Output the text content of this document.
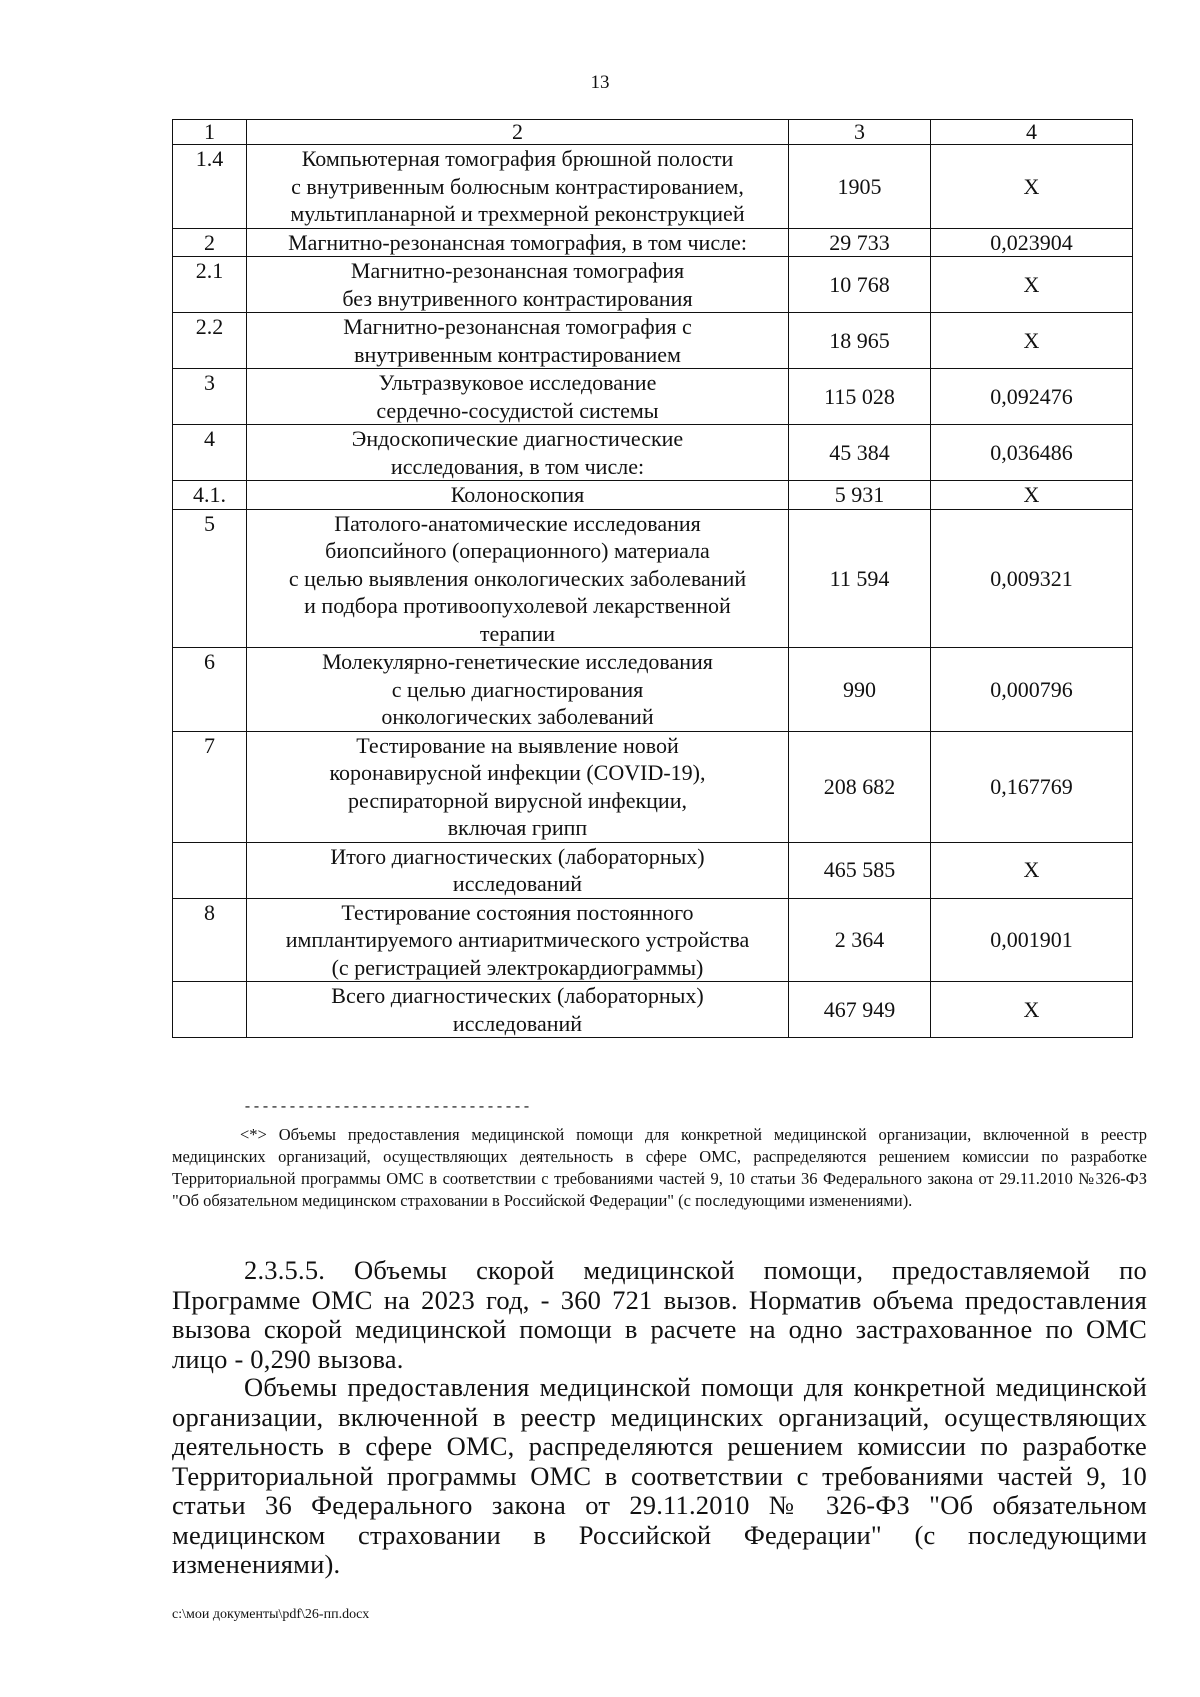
13
1	2	3	4
1.4	Компьютерная томография брюшной полости
с внутривенным болюсным контрастированием,
мультипланарной и трехмерной реконструкцией	1905	Х
2	Магнитно-резонансная томография, в том числе:	29 733	0,023904
2.1	Магнитно-резонансная томография
без внутривенного контрастирования	10 768	Х
2.2	Магнитно-резонансная томография с
внутривенным контрастированием	18 965	Х
3	Ультразвуковое исследование
сердечно-сосудистой системы	115 028	0,092476
4	Эндоскопические диагностические
исследования, в том числе:	45 384	0,036486
4.1.	Колоноскопия	5 931	Х
5	Патолого-анатомические исследования
биопсийного (операционного) материала
с целью выявления онкологических заболеваний
и подбора противоопухолевой лекарственной
терапии	11 594	0,009321
6	Молекулярно-генетические исследования
с целью диагностирования
онкологических заболеваний	990	0,000796
7	Тестирование на выявление новой
коронавирусной инфекции (COVID-19),
респираторной вирусной инфекции,
включая грипп	208 682	0,167769

	Итого диагностических (лабораторных)
исследований	465 585	Х
8	Тестирование состояния постоянного
имплантируемого антиаритмического устройства
(с регистрацией электрокардиограммы)	2 364	0,001901

	Всего диагностических (лабораторных)
исследований	467 949	Х
--------------------------------

<*> Объемы предоставления медицинской помощи для конкретной медицинской организации, включенной в реестр медицинских организаций, осуществляющих деятельность в сфере ОМС, распределяются решением комиссии по разработке Территориальной программы ОМС в соответствии с требованиями частей 9, 10 статьи 36 Федерального закона от 29.11.2010 №326-ФЗ "Об обязательном медицинском страховании в Российской Федерации" (с последующими изменениями).

2.3.5.5. Объемы скорой медицинской помощи, предоставляемой по Программе ОМС на 2023 год, - 360 721 вызов. Норматив объема предоставления вызова скорой медицинской помощи в расчете на одно застрахованное по ОМС лицо - 0,290 вызова.

Объемы предоставления медицинской помощи для конкретной медицинской организации, включенной в реестр медицинских организаций, осуществляющих деятельность в сфере ОМС, распределяются решением комиссии по разработке Территориальной программы ОМС в соответствии с требованиями частей 9, 10 статьи 36 Федерального закона от 29.11.2010 № 326-ФЗ "Об обязательном медицинском страховании в Российской Федерации" (с последующими изменениями).

c:\мои документы\pdf\26-пп.docx
